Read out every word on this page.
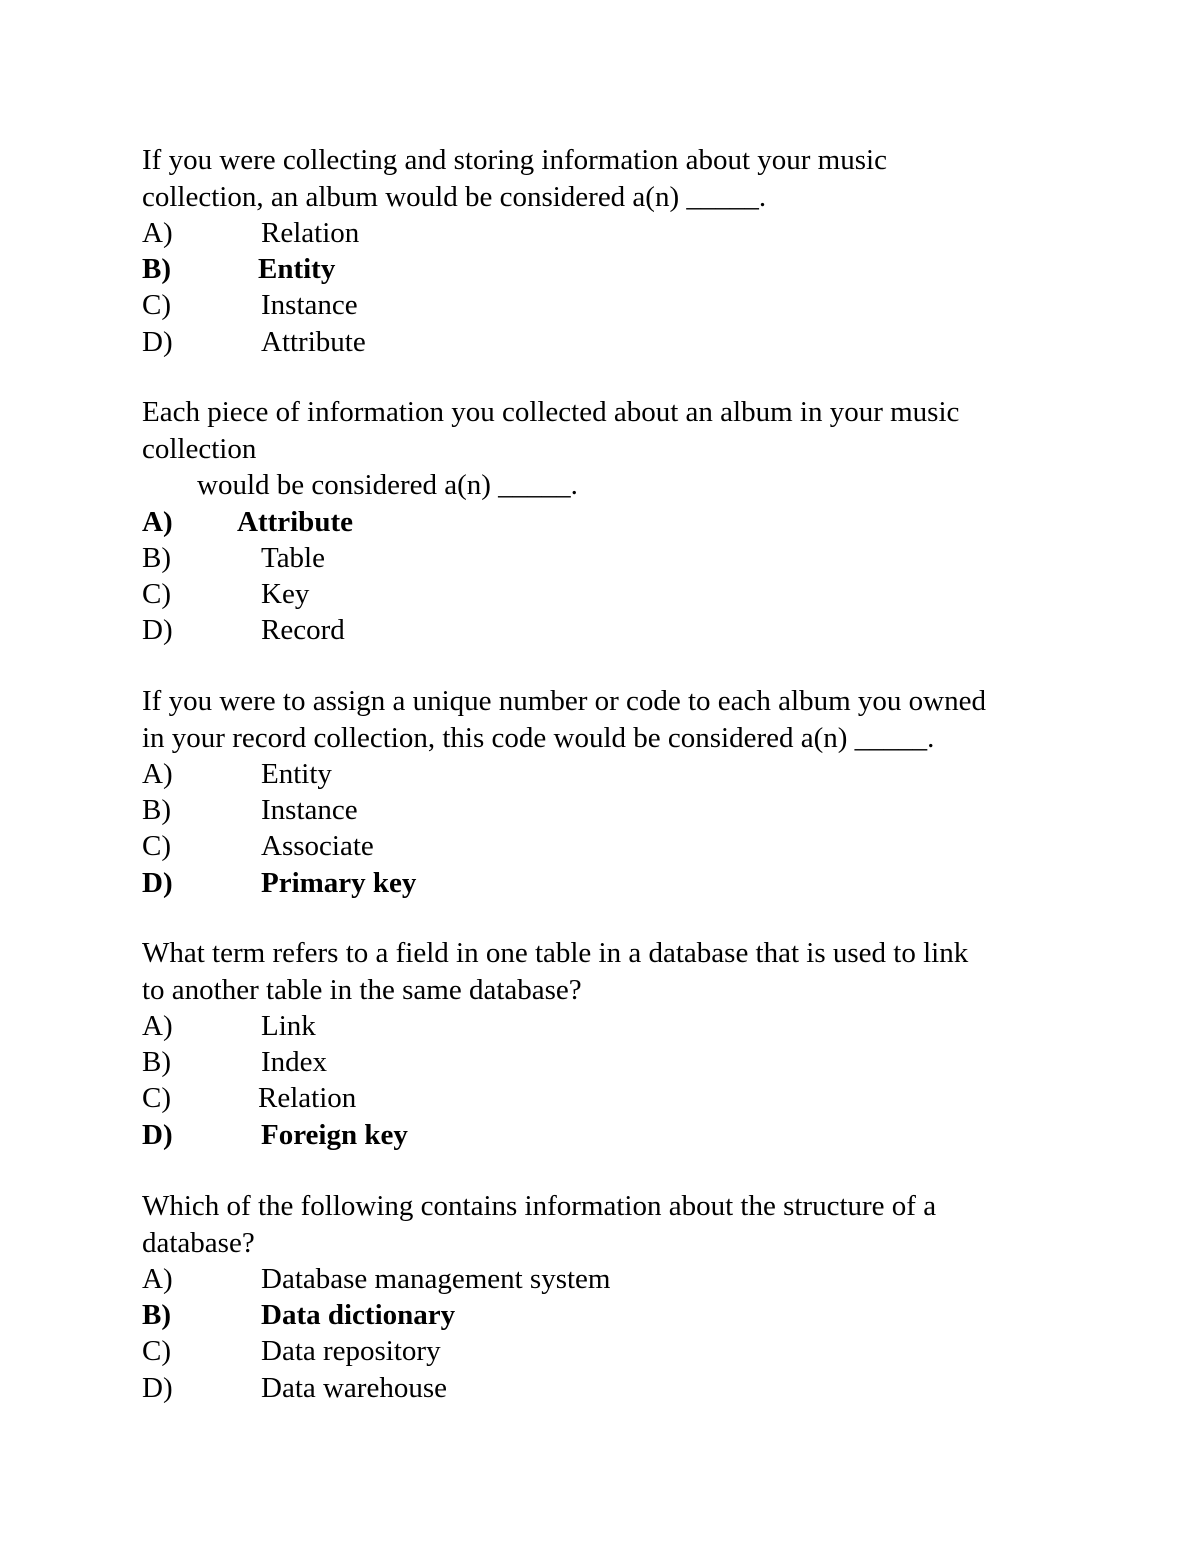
If you were collecting and storing information about your music
collection, an album would be considered a(n) _____.
A)	Relation
B)	Entity
C)	Instance
D)	Attribute
Each piece of information you collected about an album in your music
collection
would be considered a(n) _____.
A) Attribute
B)	Table
C)	Key
D)	Record
If you were to assign a unique number or code to each album you owned
in your record collection, this code would be considered a(n) _____.
A)	Entity
B)	Instance
C)	Associate
D)	Primary key
What term refers to a field in one table in a database that is used to link
to another table in the same database?
A)	Link
B)	Index
C)	Relation
D)	Foreign key
Which of the following contains information about the structure of a
database?
A)	Database management system
B)	Data dictionary
C)	Data repository
D)	Data warehouse
